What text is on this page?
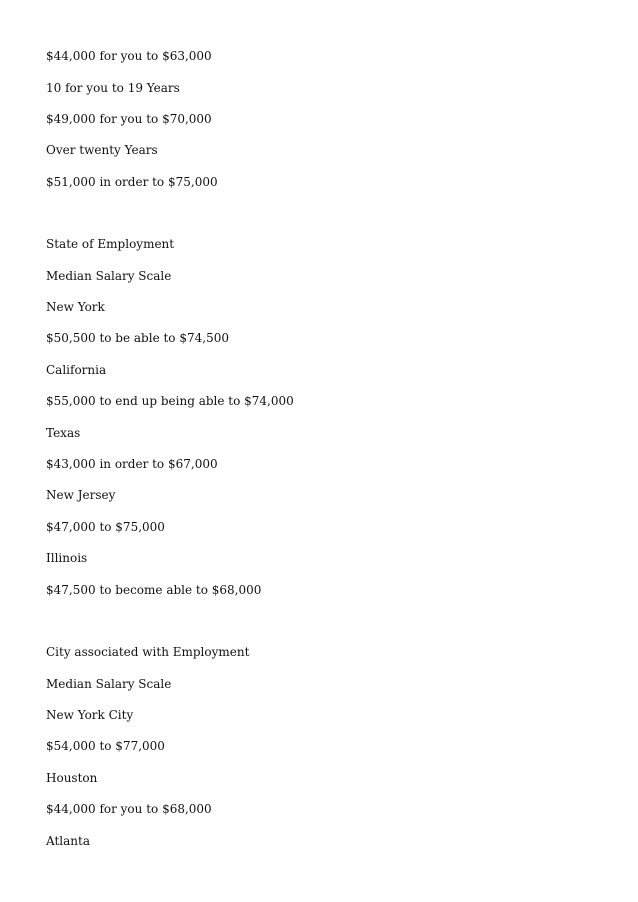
$44,000 for you to $63,000

10 for you to 19 Years

$49,000 for you to $70,000

Over twenty Years

$51,000 in order to $75,000

State of Employment

Median Salary Scale

New York

$50,500 to be able to $74,500

California

$55,000 to end up being able to $74,000

Texas

$43,000 in order to $67,000

New Jersey

$47,000 to $75,000

Illinois

$47,500 to become able to $68,000

City associated with Employment

Median Salary Scale

New York City

$54,000 to $77,000

Houston

$44,000 for you to $68,000

Atlanta
